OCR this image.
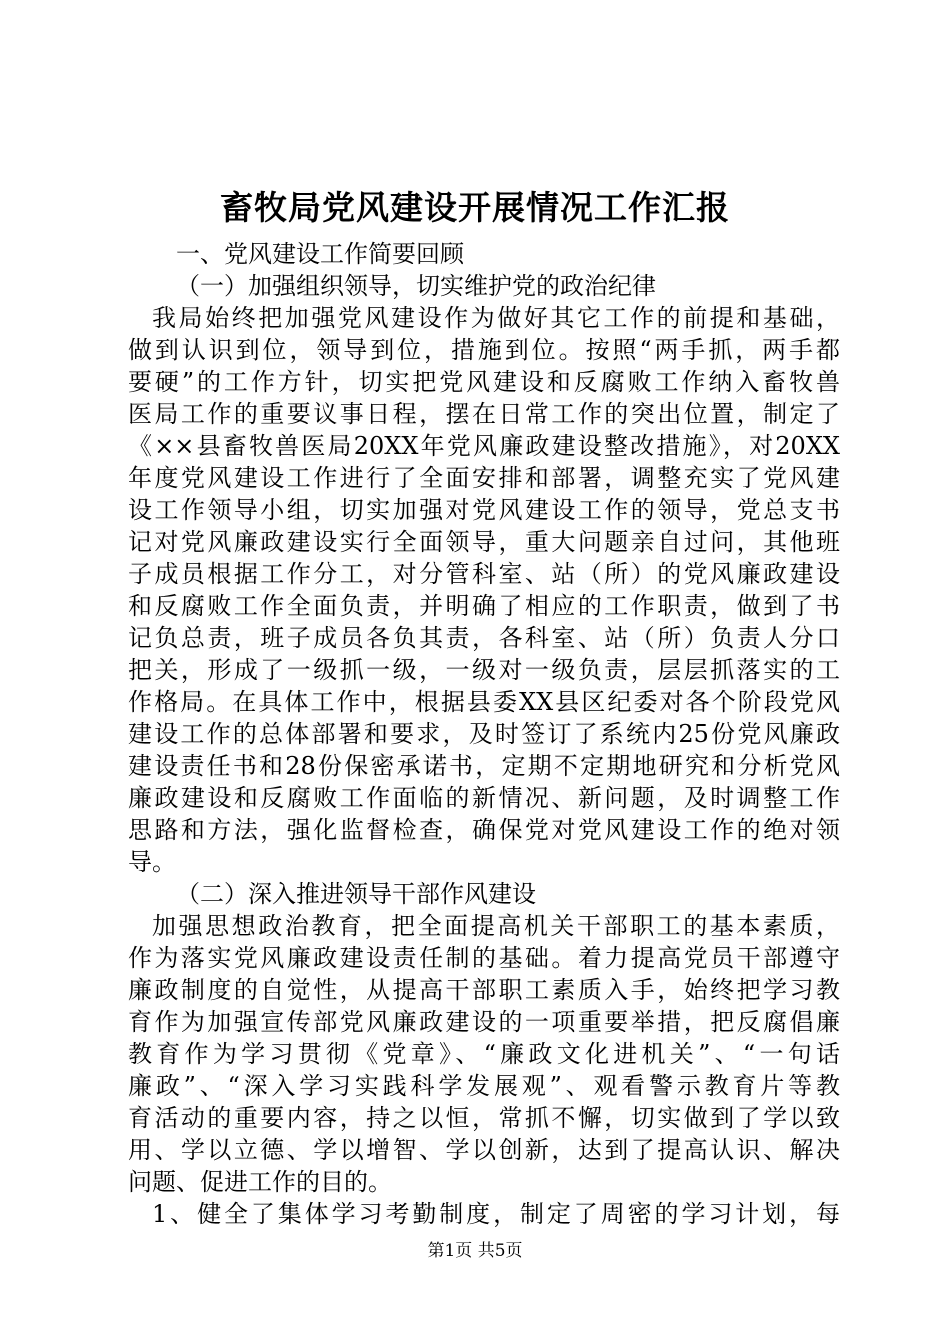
畜牧局党风建设开展情况工作汇报
一、党风建设工作简要回顾
（一）加强组织领导，切实维护党的政治纪律
我局始终把加强党风建设作为做好其它工作的前提和基础，
做到认识到位，领导到位，措施到位。按照“两手抓，两手都
要硬”的工作方针，切实把党风建设和反腐败工作纳入畜牧兽
医局工作的重要议事日程，摆在日常工作的突出位置，制定了
《××县畜牧兽医局20XX年党风廉政建设整改措施》，对20XX
年度党风建设工作进行了全面安排和部署，调整充实了党风建
设工作领导小组，切实加强对党风建设工作的领导，党总支书
记对党风廉政建设实行全面领导，重大问题亲自过问，其他班
子成员根据工作分工，对分管科室、站（所）的党风廉政建设
和反腐败工作全面负责，并明确了相应的工作职责，做到了书
记负总责，班子成员各负其责，各科室、站（所）负责人分口
把关，形成了一级抓一级，一级对一级负责，层层抓落实的工
作格局。在具体工作中，根据县委XX县区纪委对各个阶段党风
建设工作的总体部署和要求，及时签订了系统内25份党风廉政
建设责任书和28份保密承诺书，定期不定期地研究和分析党风
廉政建设和反腐败工作面临的新情况、新问题，及时调整工作
思路和方法，强化监督检查，确保党对党风建设工作的绝对领
导。
（二）深入推进领导干部作风建设
加强思想政治教育，把全面提高机关干部职工的基本素质，
作为落实党风廉政建设责任制的基础。着力提高党员干部遵守
廉政制度的自觉性，从提高干部职工素质入手，始终把学习教
育作为加强宣传部党风廉政建设的一项重要举措，把反腐倡廉
教育作为学习贯彻《党章》、“廉政文化进机关”、“一句话
廉政”、“深入学习实践科学发展观”、观看警示教育片等教
育活动的重要内容，持之以恒，常抓不懈，切实做到了学以致
用、学以立德、学以增智、学以创新，达到了提高认识、解决
问题、促进工作的目的。
1、健全了集体学习考勤制度，制定了周密的学习计划，每
第1页 共5页
